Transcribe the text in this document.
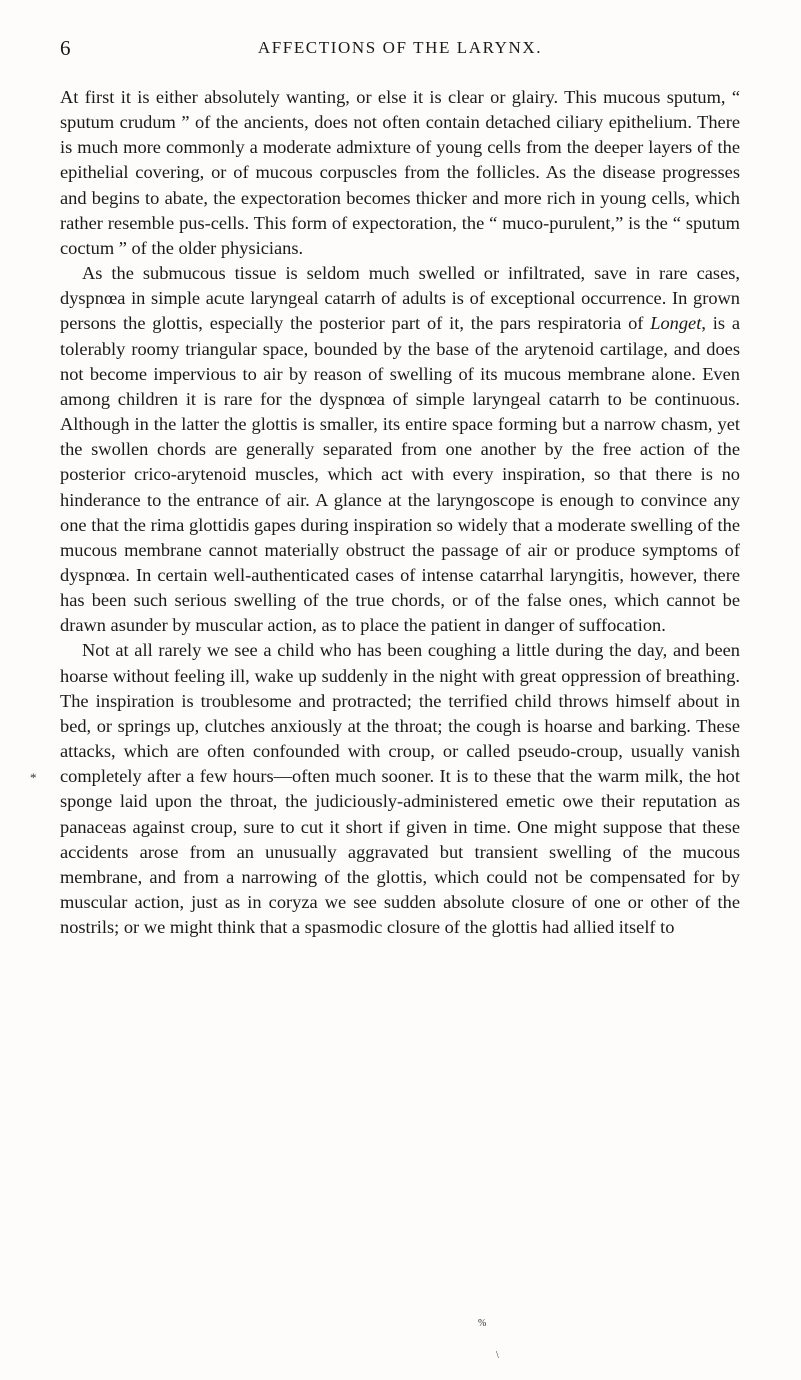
6	AFFECTIONS OF THE LARYNX.

At first it is either absolutely wanting, or else it is clear or glairy. This mucous sputum, “ sputum crudum ” of the ancients, does not often contain detached ciliary epithelium. There is much more commonly a moderate admixture of young cells from the deeper layers of the epithelial covering, or of mucous corpuscles from the follicles. As the disease progresses and begins to abate, the expectoration becomes thicker and more rich in young cells, which rather resemble pus-cells. This form of expectoration, the “ muco-purulent,” is the “ sputum coctum ” of the older physicians.

As the submucous tissue is seldom much swelled or infiltrated, save in rare cases, dyspnœa in simple acute laryngeal catarrh of adults is of exceptional occurrence. In grown persons the glottis, especially the posterior part of it, the pars respiratoria of Longet, is a tolerably roomy triangular space, bounded by the base of the arytenoid cartilage, and does not become impervious to air by reason of swelling of its mucous membrane alone. Even among children it is rare for the dyspnœa of simple laryngeal catarrh to be continuous. Although in the latter the glottis is smaller, its entire space forming but a narrow chasm, yet the swollen chords are generally separated from one another by the free action of the posterior crico-arytenoid muscles, which act with every inspiration, so that there is no hinderance to the entrance of air. A glance at the laryngoscope is enough to convince any one that the rima glottidis gapes during inspiration so widely that a moderate swelling of the mucous membrane cannot materially obstruct the passage of air or produce symptoms of dyspnœa. In certain well-authenticated cases of intense catarrhal laryngitis, however, there has been such serious swelling of the true chords, or of the false ones, which cannot be drawn asunder by muscular action, as to place the patient in danger of suffocation.

Not at all rarely we see a child who has been coughing a little during the day, and been hoarse without feeling ill, wake up suddenly in the night with great oppression of breathing. The inspiration is troublesome and protracted; the terrified child throws himself about in bed, or springs up, clutches anxiously at the throat; the cough is hoarse and barking. These attacks, which are often confounded with croup, or called pseudo-croup, usually vanish completely after a few hours—often much sooner. It is to these that the warm milk, the hot sponge laid upon the throat, the judiciously-administered emetic owe their reputation as panaceas against croup, sure to cut it short if given in time. One might suppose that these accidents arose from an unusually aggravated but transient swelling of the mucous membrane, and from a narrowing of the glottis, which could not be compensated for by muscular action, just as in coryza we see sudden absolute closure of one or other of the nostrils; or we might think that a spasmodic closure of the glottis had allied itself to

*
%
\
